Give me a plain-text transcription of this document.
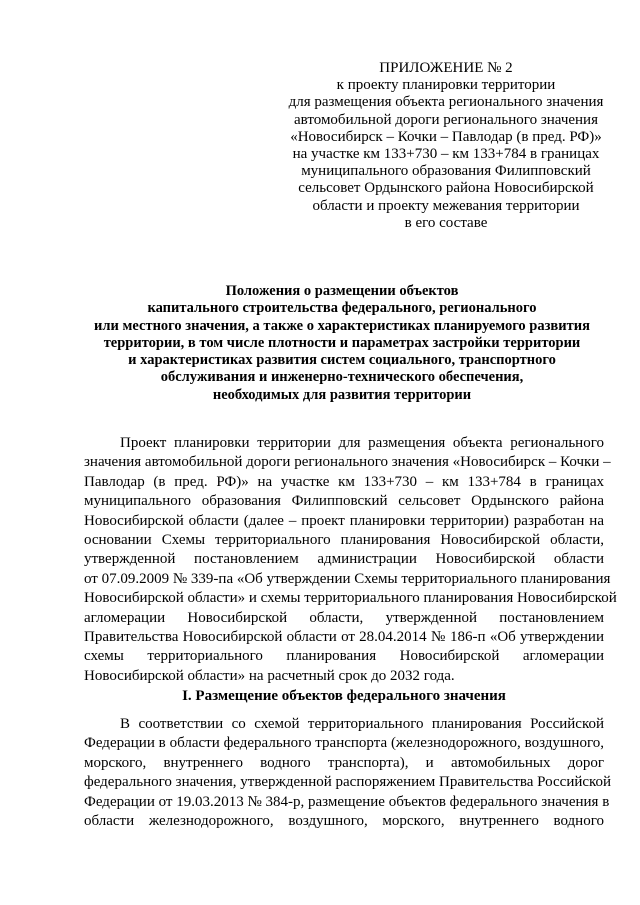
ПРИЛОЖЕНИЕ № 2
к проекту планировки территории
для размещения объекта регионального значения
автомобильной дороги регионального значения
«Новосибирск – Кочки – Павлодар (в пред. РФ)»
на участке км 133+730 – км 133+784 в границах
муниципального образования Филипповский
сельсовет Ордынского района Новосибирской
области и проекту межевания территории
в его составе
Положения о размещении объектов
капитального строительства федерального, регионального
или местного значения, а также о характеристиках планируемого развития
территории, в том числе плотности и параметрах застройки территории
и характеристиках развития систем социального, транспортного
обслуживания и инженерно-технического обеспечения,
необходимых для развития территории
Проект планировки территории для размещения объекта регионального
значения автомобильной дороги регионального значения «Новосибирск – Кочки –
Павлодар (в пред. РФ)» на участке км 133+730 – км 133+784 в границах
муниципального образования Филипповский сельсовет Ордынского района
Новосибирской области (далее – проект планировки территории) разработан на
основании Схемы территориального планирования Новосибирской области,
утвержденной постановлением администрации Новосибирской области
от 07.09.2009 № 339-па «Об утверждении Схемы территориального планирования
Новосибирской области» и схемы территориального планирования Новосибирской
агломерации Новосибирской области, утвержденной постановлением
Правительства Новосибирской области от 28.04.2014 № 186-п «Об утверждении
схемы территориального планирования Новосибирской агломерации
Новосибирской области» на расчетный срок до 2032 года.
I. Размещение объектов федерального значения
В соответствии со схемой территориального планирования Российской
Федерации в области федерального транспорта (железнодорожного, воздушного,
морского, внутреннего водного транспорта), и автомобильных дорог
федерального значения, утвержденной распоряжением Правительства Российской
Федерации от 19.03.2013 № 384-р, размещение объектов федерального значения в
области железнодорожного, воздушного, морского, внутреннего водного
